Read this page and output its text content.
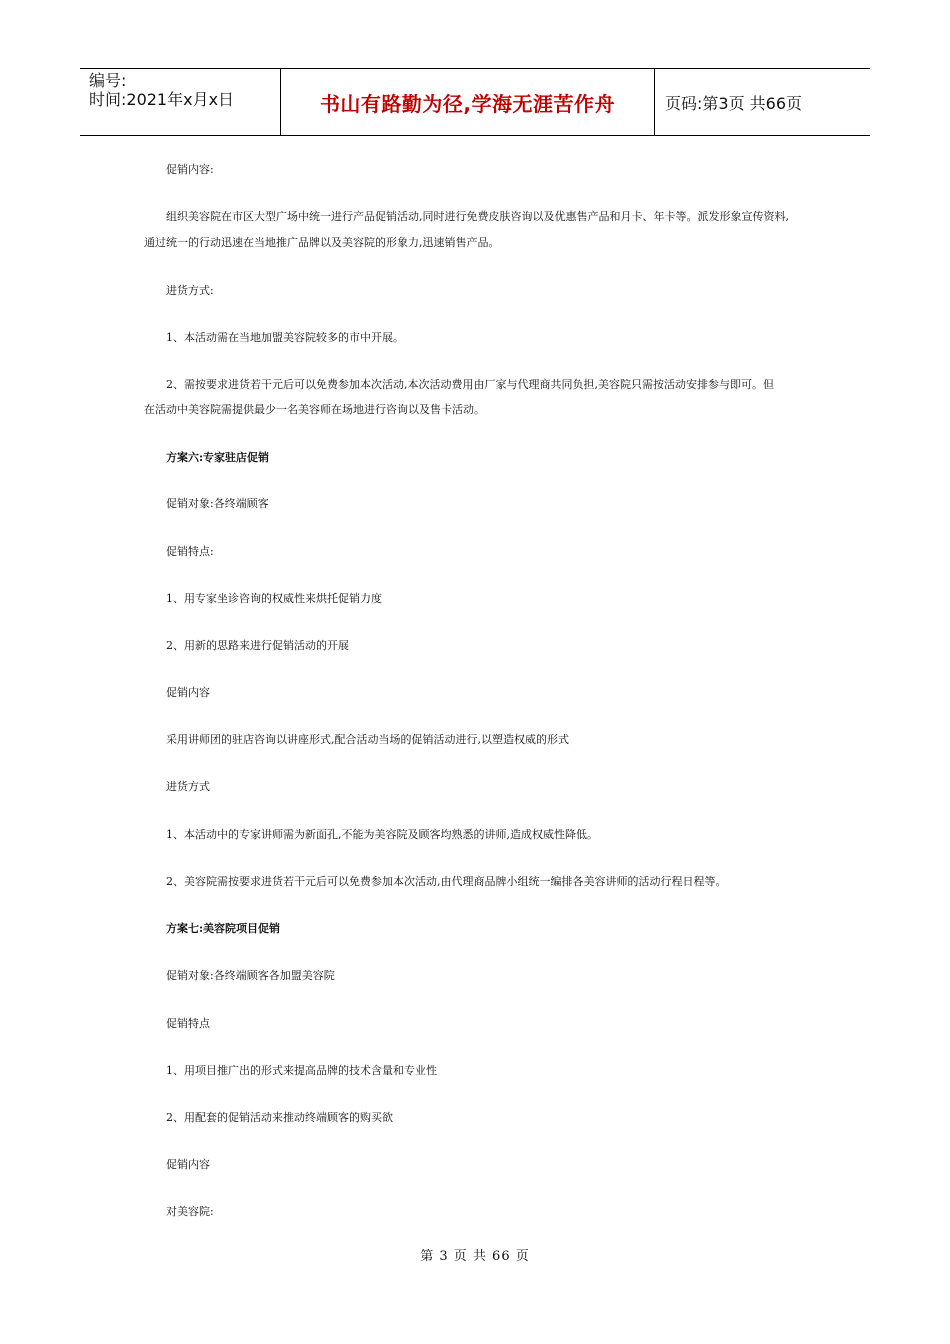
编号:
时间:2021年x月x日	书山有路勤为径,学海无涯苦作舟	页码:第3页 共66页
促销内容:
组织美容院在市区大型广场中统一进行产品促销活动,同时进行免费皮肤咨询以及优惠售产品和月卡、年卡等。派发形象宣传资料,
通过统一的行动迅速在当地推广品牌以及美容院的形象力,迅速销售产品。
进货方式:
1、本活动需在当地加盟美容院较多的市中开展。
2、需按要求进货若干元后可以免费参加本次活动,本次活动费用由厂家与代理商共同负担,美容院只需按活动安排参与即可。但
在活动中美容院需提供最少一名美容师在场地进行咨询以及售卡活动。
方案六:专家驻店促销
促销对象:各终端顾客
促销特点:
1、用专家坐诊咨询的权威性来烘托促销力度
2、用新的思路来进行促销活动的开展
促销内容
采用讲师团的驻店咨询以讲座形式,配合活动当场的促销活动进行,以塑造权威的形式
进货方式
1、本活动中的专家讲师需为新面孔,不能为美容院及顾客均熟悉的讲师,造成权威性降低。
2、美容院需按要求进货若干元后可以免费参加本次活动,由代理商品牌小组统一编排各美容讲师的活动行程日程等。
方案七:美容院项目促销
促销对象:各终端顾客各加盟美容院
促销特点
1、用项目推广出的形式来提高品牌的技术含量和专业性
2、用配套的促销活动来推动终端顾客的购买欲
促销内容
对美容院:
第 3 页 共 66 页
